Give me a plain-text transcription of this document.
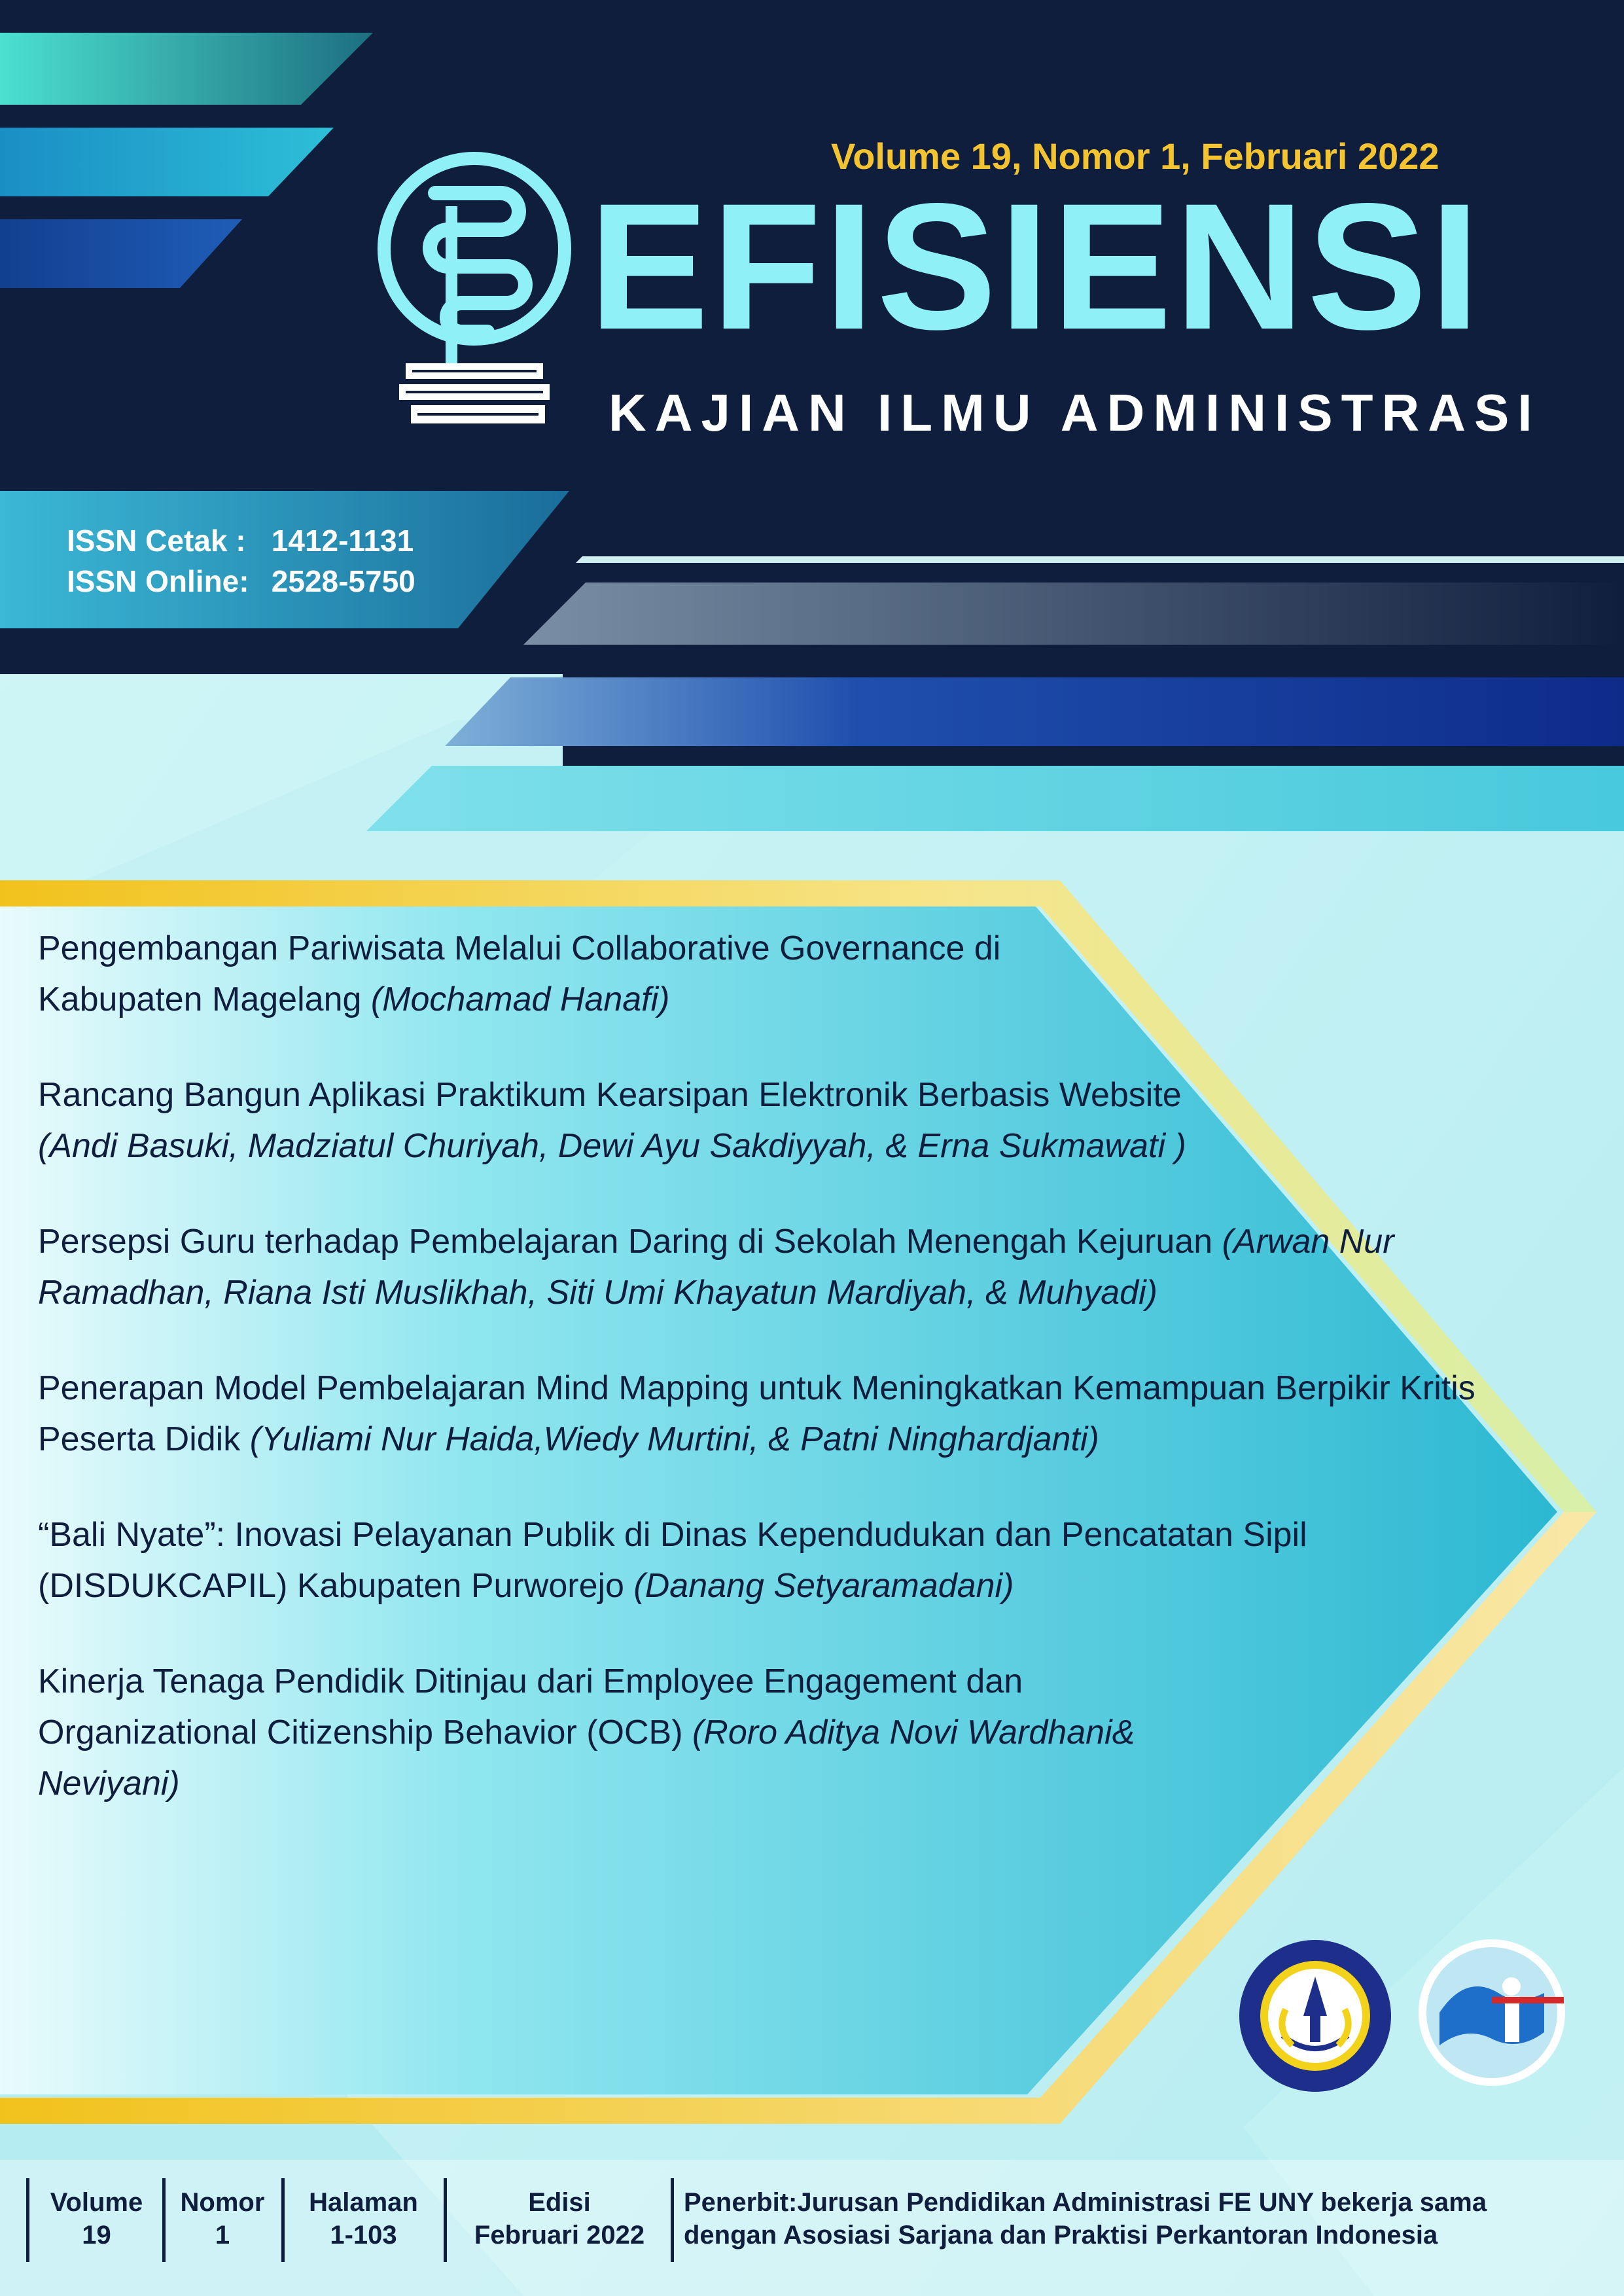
Volume 19, Nomor 1, Februari 2022
EFISIENSI
KAJIAN ILMU ADMINISTRASI
ISSN Cetak : 1412-1131
ISSN Online: 2528-5750
Pengembangan Pariwisata Melalui Collaborative Governance di Kabupaten Magelang (Mochamad Hanafi)
Rancang Bangun Aplikasi Praktikum Kearsipan Elektronik Berbasis Website (Andi Basuki, Madziatul Churiyah, Dewi Ayu Sakdiyyah, & Erna Sukmawati )
Persepsi Guru terhadap Pembelajaran Daring di Sekolah Menengah Kejuruan (Arwan Nur Ramadhan, Riana Isti Muslikhah, Siti Umi Khayatun Mardiyah, & Muhyadi)
Penerapan Model Pembelajaran Mind Mapping untuk Meningkatkan Kemampuan Berpikir Kritis Peserta Didik (Yuliami Nur Haida,Wiedy Murtini, & Patni Ninghardjanti)
“Bali Nyate”: Inovasi Pelayanan Publik di Dinas Kependudukan dan Pencatatan Sipil (DISDUKCAPIL) Kabupaten Purworejo (Danang Setyaramadani)
Kinerja Tenaga Pendidik Ditinjau dari Employee Engagement dan Organizational Citizenship Behavior (OCB) (Roro Aditya Novi Wardhani& Neviyani)
Volume
19
Nomor
1
Halaman
1-103
Edisi
Februari 2022
Penerbit:Jurusan Pendidikan Administrasi FE UNY bekerja sama
dengan Asosiasi Sarjana dan Praktisi Perkantoran Indonesia
